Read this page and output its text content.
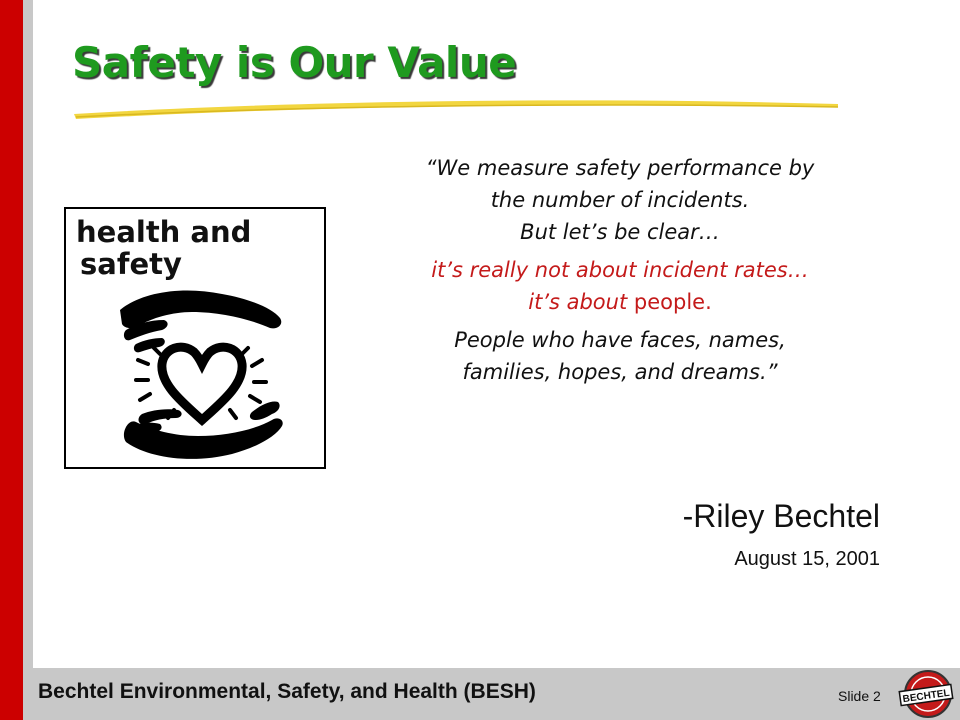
Safety is Our Value
health and
safety

“We measure safety performance by

the number of incidents.

But let’s be clear…

it’s really not about incident rates…

it’s about people.

People who have faces, names,

families, hopes, and dreams.”

-Riley Bechtel
August 15, 2001
Bechtel Environmental, Safety, and Health (BESH)	Slide 2 BECHTEL
